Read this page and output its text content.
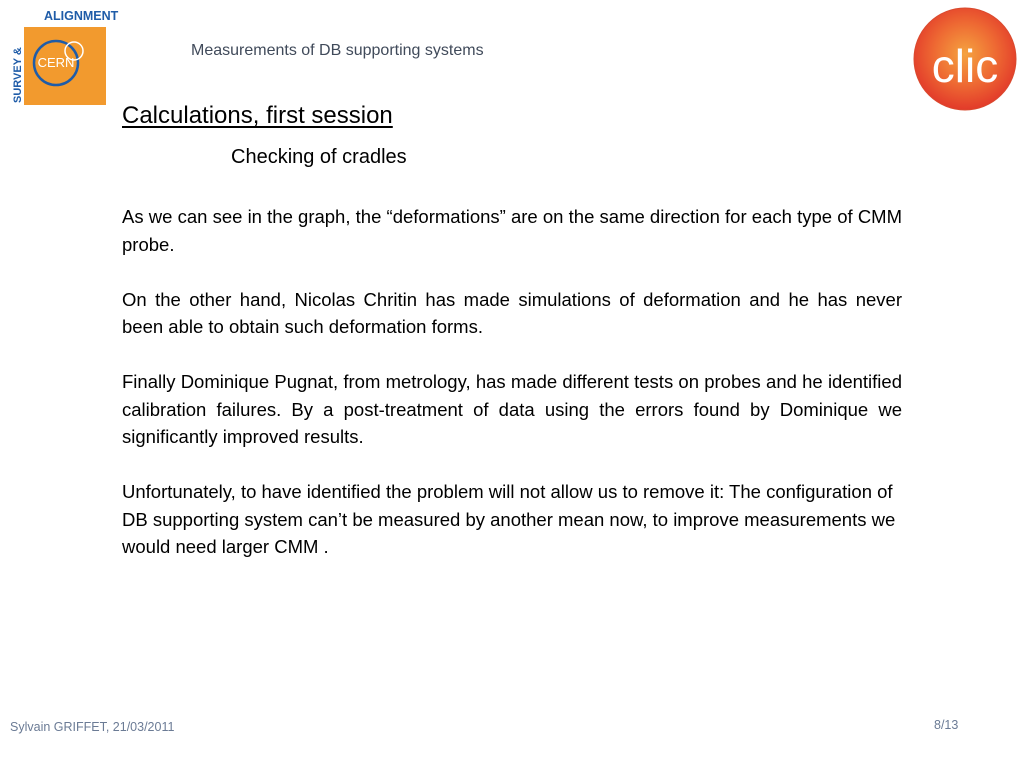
CERN
ALIGNMENT
SURVEY &	Measurements of DB supporting systems	clic
Calculations, first session
Checking of cradles

As we can see in the graph, the “deformations” are on the same direction for each type of CMM probe.

On the other hand, Nicolas Chritin has made simulations of deformation and he has never been able to obtain such deformation forms.

Finally Dominique Pugnat, from metrology, has made different tests on probes and he identified calibration failures. By a post-treatment of data using the errors found by Dominique we significantly improved results.

Unfortunately, to have identified the problem will not allow us to remove it: The configuration of DB supporting system can’t be measured by another mean now, to improve measurements we would need larger CMM .

Sylvain GRIFFET, 21/03/2011	8/13
